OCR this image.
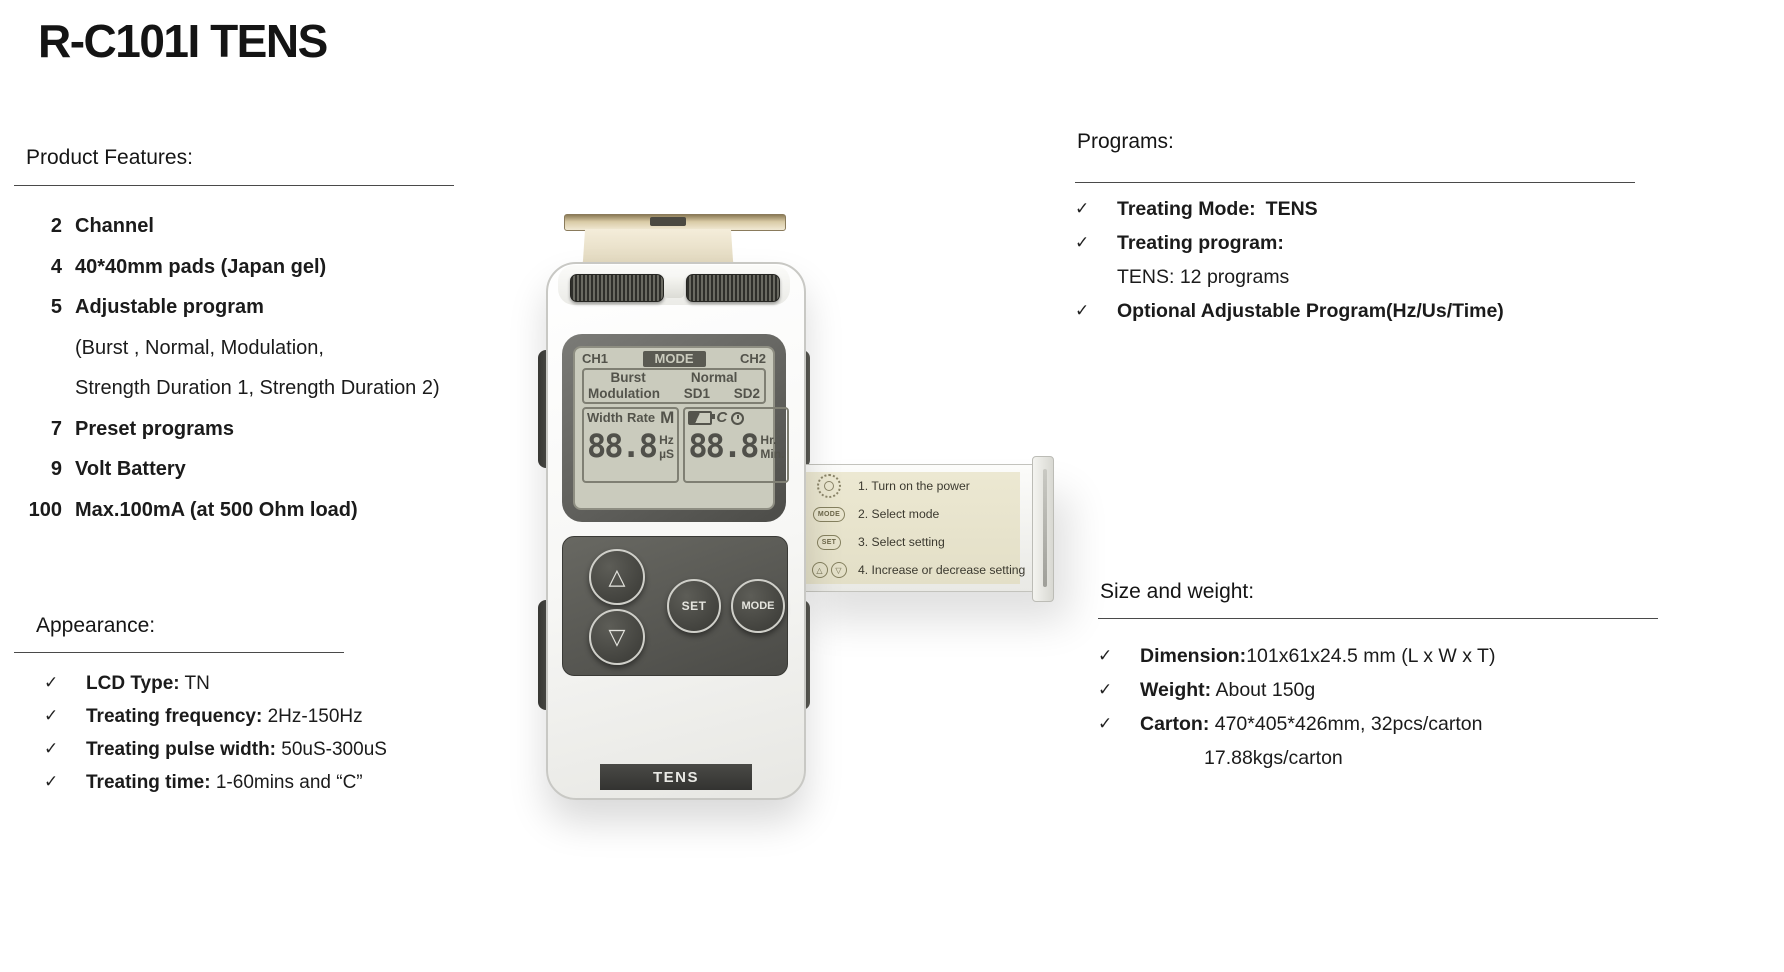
R-C101I TENS
Product Features:
2 Channel
4 40*40mm pads (Japan gel)
5 Adjustable program
(Burst , Normal, Modulation,
Strength Duration 1, Strength Duration 2)
7 Preset programs
9 Volt Battery
100 Max.100mA (at 500 Ohm load)
Appearance:
✓	LCD Type: TN
✓	Treating frequency: 2Hz-150Hz
✓	Treating pulse width: 50uS-300uS
✓	Treating time: 1-60mins and “C”
Programs:
✓	Treating Mode: TENS
✓	Treating program:
TENS: 12 programs
✓	Optional Adjustable Program(Hz/Us/Time)
Size and weight:
✓	Dimension:101x61x24.5 mm (L x W x T)
✓	Weight: About 150g
✓	Carton: 470*405*426mm, 32pcs/carton
17.88kgs/carton
1. Turn on the power
MODE	2. Select mode
SET	3. Select setting
△	▽	4. Increase or decrease setting
CH1	MODE	CH2
Burst	Normal
Modulation SD1 SD2
Width Rate M
88.8 Hz
µS
C
88.8 Hr.
Min.
△
▽
SET	MODE
TENS
